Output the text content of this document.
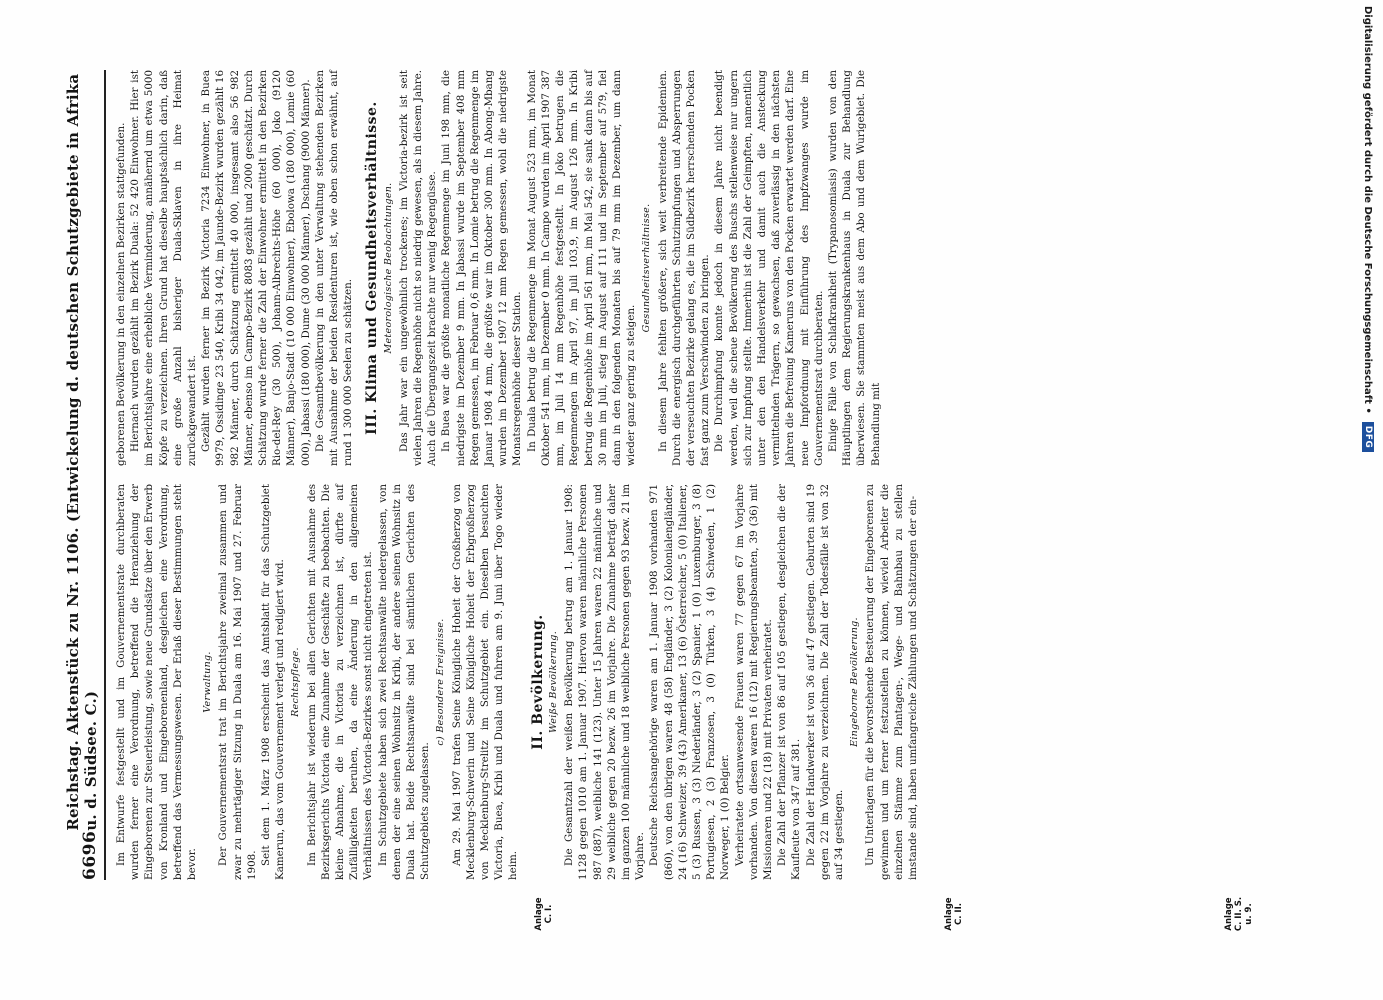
6696
Reichstag. Aktenstück zu Nr. 1106. (Entwickelung d. deutschen Schutzgebiete in Afrika u. d. Südsee. C.)
Anlage C. I.	Anlage C. II.	Anlage C. II. S. u. 9.

Im Entwurfe festgestellt und im Gouvernementsrate durchberaten wurden ferner eine Verordnung, betreffend die Heranziehung der Eingeborenen zur Steuerleistung, sowie neue Grundsätze über den Erwerb von Kronland und Eingeborenenland, desgleichen eine Verordnung, betreffend das Vermessungswesen. Der Erlaß dieser Bestimmungen steht bevor.

Verwaltung. Der Gouvernementsrat trat im Berichtsjahre zweimal zusammen und zwar zu mehrtägiger Sitzung in Duala am 16. Mai 1907 und 27. Februar 1908. Seit dem 1. März 1908 erscheint das Amtsblatt für das Schutzgebiet Kamerun, das vom Gouvernement verlegt und redigiert wird. Rechtspflege. Im Berichtsjahr ist wiederum bei allen Gerichten mit Ausnahme des Bezirksgerichts Victoria eine Zunahme der Geschäfte zu beobachten. Die kleine Abnahme, die in Victoria zu verzeichnen ist, dürfte auf Zufälligkeiten beruhen, da eine Änderung in den allgemeinen Verhältnissen des Victoria-Bezirkes sonst nicht eingetreten ist. Im Schutzgebiete haben sich zwei Rechtsanwälte niedergelassen, von denen der eine seinen Wohnsitz in Kribi, der andere seinen Wohnsitz in Duala hat. Beide Rechtsanwälte sind bei sämtlichen Gerichten des Schutzgebiets zugelassen.

c) Besondere Ereignisse. Am 29. Mai 1907 trafen Seine Königliche Hoheit der Großherzog von Mecklenburg-Schwerin und Seine Königliche Hoheit der Erbgroßherzog von Mecklenburg-Strelitz im Schutzgebiet ein. Dieselben besuchten Victoria, Buea, Kribi und Duala und fuhren am 9. Juni über Togo wieder heim.

II. Bevölkerung. Weiße Bevölkerung. Die Gesamtzahl der weißen Bevölkerung betrug am 1. Januar 1908: 1128 gegen 1010 am 1. Januar 1907. Hiervon waren männliche Personen 987 (887), weibliche 141 (123). Unter 15 Jahren waren 22 männliche und 29 weibliche gegen 20 bezw. 26 im Vorjahre. Die Zunahme beträgt daher im ganzen 100 männliche und 18 weibliche Personen gegen 93 bezw. 21 im Vorjahre. Deutsche Reichsangehörige waren am 1. Januar 1908 vorhanden 971 (860), von den übrigen waren 48 (58) Engländer, 3 (2) Kolonialengländer, 24 (16) Schweizer, 39 (43) Amerikaner, 13 (6) Österreicher, 5 (0) Italiener, 5 (3) Russen, 3 (3) Niederländer, 3 (2) Spanier, 1 (0) Luxemburger, 3 (8) Portugiesen, 2 (3) Franzosen, 3 (0) Türken, 3 (4) Schweden, 1 (2) Norweger, 1 (0) Belgier. Verheiratete ortsanwesende Frauen waren 77 gegen 67 im Vorjahre vorhanden. Von diesen waren 16 (12) mit Regierungsbeamten, 39 (36) mit Missionaren und 22 (18) mit Privaten verheiratet. Die Zahl der Pflanzer ist von 86 auf 105 gestiegen, desgleichen die der Kaufleute von 347 auf 381. Die Zahl der Handwerker ist von 36 auf 47 gestiegen. Geburten sind 19 gegen 22 im Vorjahre zu verzeichnen. Die Zahl der Todesfälle ist von 32 auf 34 gestiegen.

Eingeborne Bevölkerung. Um Unterlagen für die bevorstehende Besteuerung der Eingeborenen zu gewinnen und um ferner festzustellen zu können, wieviel Arbeiter die einzelnen Stämme zum Plantagen-, Wege- und Bahnbau zu stellen imstande sind, haben umfangreiche Zählungen und Schätzungen der ein-

geborenen Bevölkerung in den einzelnen Bezirken stattgefunden. Hiernach wurden gezählt im Bezirk Duala: 52 420 Einwohner. Hier ist im Berichtsjahre eine erhebliche Verminderung, annähernd um etwa 5000 Köpfe zu verzeichnen. Ihren Grund hat dieselbe hauptsächlich darin, daß eine große Anzahl bisheriger Duala-Sklaven in ihre Heimat zurückgewandert ist. Gezählt wurden ferner im Bezirk Victoria 7234 Einwohner, in Buea 9979, Ossidinge 23 540, Kribi 34 042, im Jaunde-Bezirk wurden gezählt 16 982 Männer, durch Schätzung ermittelt 40 000, insgesamt also 56 982 Männer, ebenso im Campo-Bezirk 8083 gezählt und 2000 geschätzt. Durch Schätzung wurde ferner die Zahl der Einwohner ermittelt in den Bezirken Rio-del-Rey (30 500), Johann-Albrechts-Höhe (60 000), Joko (9120 Männer), Banjo-Stadt (10 000 Einwohner), Ebolowa (180 000), Lomie (60 000), Jabassi (180 000), Dume (30 000 Männer), Dschang (9000 Männer). Die Gesamtbevölkerung in den unter Verwaltung stehenden Bezirken mit Ausnahme der beiden Residenturen ist, wie oben schon erwähnt, auf rund 1 300 000 Seelen zu schätzen. III. Klima und Gesundheitsverhältnisse. Meteorologische Beobachtungen. Das Jahr war ein ungewöhnlich trockenes; im Victoria-bezirk ist seit vielen Jahren die Regenhöhe nicht so niedrig gewesen, als in diesem Jahre. Auch die Übergangszeit brachte nur wenig Regengüsse. In Buea war die größte monatliche Regenmenge im Juni 198 mm, die niedrigste im Dezember 9 mm. In Jabassi wurde im September 408 mm Regen gemessen, im Februar 0,6 mm. In Lomie betrug die Regenmenge im Januar 1908 4 mm, die größte war im Oktober 300 mm. In Abong-Mbang wurden im Dezember 1907 12 mm Regen gemessen, wohl die niedrigste Monatsregenhöhe dieser Station. In Duala betrug die Regenmenge im Monat August 523 mm, im Monat Oktober 541 mm, im Dezember 0 mm. In Campo wurden im April 1907 387 mm, im Juli 14 mm Regenhöhe festgestellt. In Joko betrugen die Regenmengen im April 97, im Juli 103,9, im August 126 mm. In Kribi betrug die Regenhöhe im April 561 mm, im Mai 542, sie sank dann bis auf 30 mm im Juli, stieg im August auf 111 und im September auf 579, fiel dann in den folgenden Monaten bis auf 79 mm im Dezember, um dann wieder ganz gering zu steigen.

Gesundheitsverhältnisse. In diesem Jahre fehlten größere, sich weit verbreitende Epidemien. Durch die energisch durchgeführten Schutzimpfungen und Absperrungen der verseuchten Bezirke gelang es, die im Südbezirk herrschenden Pocken fast ganz zum Verschwinden zu bringen. Die Durchimpfung konnte jedoch in diesem Jahre nicht beendigt werden, weil die scheue Bevölkerung des Buschs stellenweise nur ungern sich zur Impfung stellte. Immerhin ist die Zahl der Geimpften, namentlich unter den den Handelsverkehr und damit auch die Ansteckung vermittelnden Trägern, so gewachsen, daß zuverlässig in den nächsten Jahren die Befreiung Kameruns von den Pocken erwartet werden darf. Eine neue Impfordnung mit Einführung des Impfzwanges wurde im Gouvernementsrat durchberaten. Einige Fälle von Schlafkrankheit (Trypanosomiasis) wurden von den Häuptlingen dem Regierungskrankenhaus in Duala zur Behandlung überwiesen. Sie stammten meist aus dem Abo und dem Wurigebiet. Die Behandlung mit

Digitalisierung gefördert durch die Deutsche Forschungsgemeinschaft •
DFG
